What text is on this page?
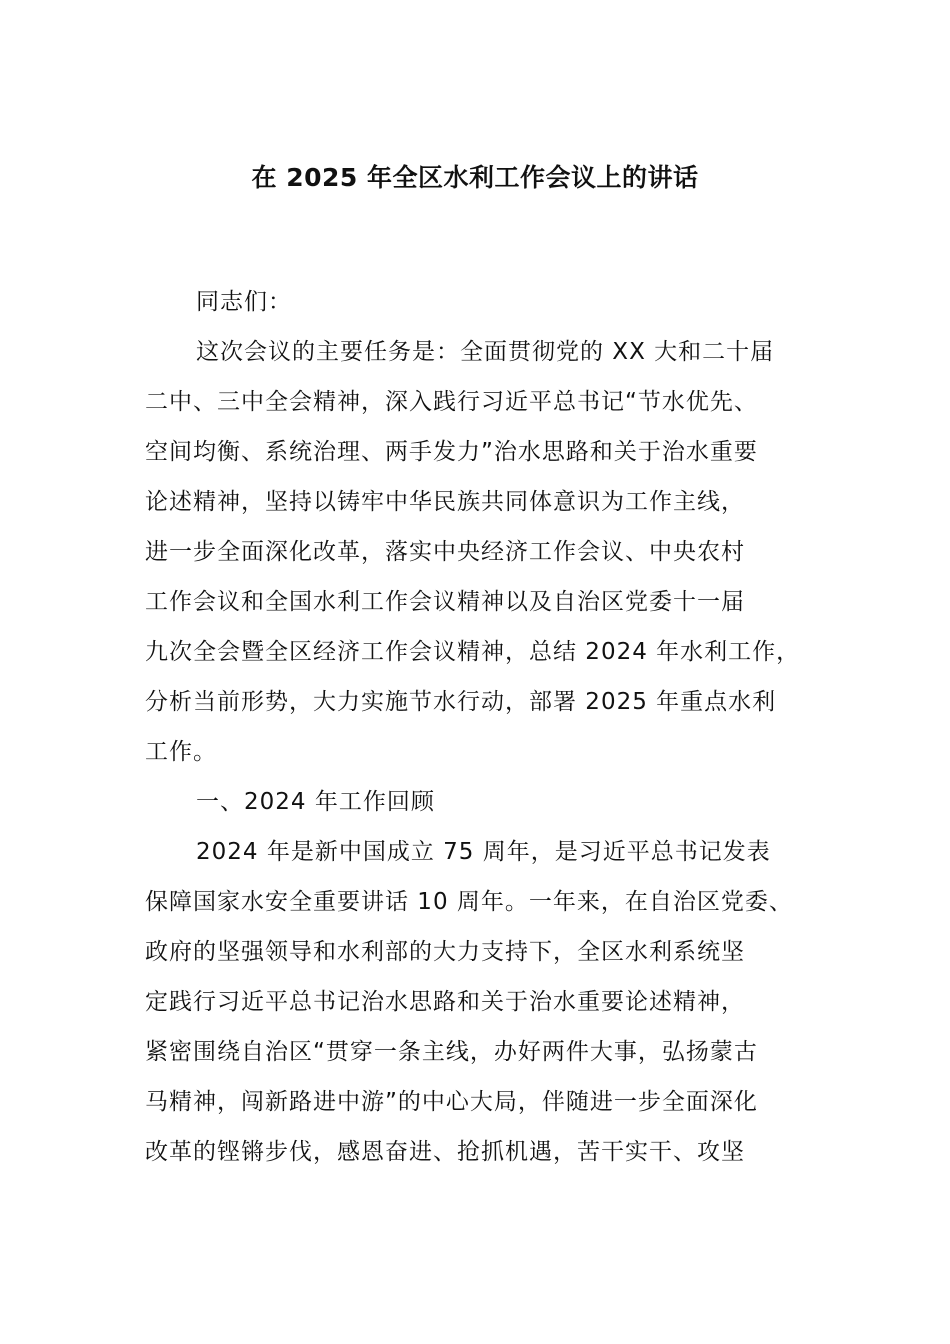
在 2025 年全区水利工作会议上的讲话
同志们：
这次会议的主要任务是：全面贯彻党的 XX 大和二十届
二中、三中全会精神，深入践行习近平总书记“节水优先、
空间均衡、系统治理、两手发力”治水思路和关于治水重要
论述精神，坚持以铸牢中华民族共同体意识为工作主线，
进一步全面深化改革，落实中央经济工作会议、中央农村
工作会议和全国水利工作会议精神以及自治区党委十一届
九次全会暨全区经济工作会议精神，总结 2024 年水利工作，
分析当前形势，大力实施节水行动，部署 2025 年重点水利
工作。
一、2024 年工作回顾
2024 年是新中国成立 75 周年，是习近平总书记发表
保障国家水安全重要讲话 10 周年。一年来，在自治区党委、
政府的坚强领导和水利部的大力支持下，全区水利系统坚
定践行习近平总书记治水思路和关于治水重要论述精神，
紧密围绕自治区“贯穿一条主线，办好两件大事，弘扬蒙古
马精神，闯新路进中游”的中心大局，伴随进一步全面深化
改革的铿锵步伐，感恩奋进、抢抓机遇，苦干实干、攻坚
